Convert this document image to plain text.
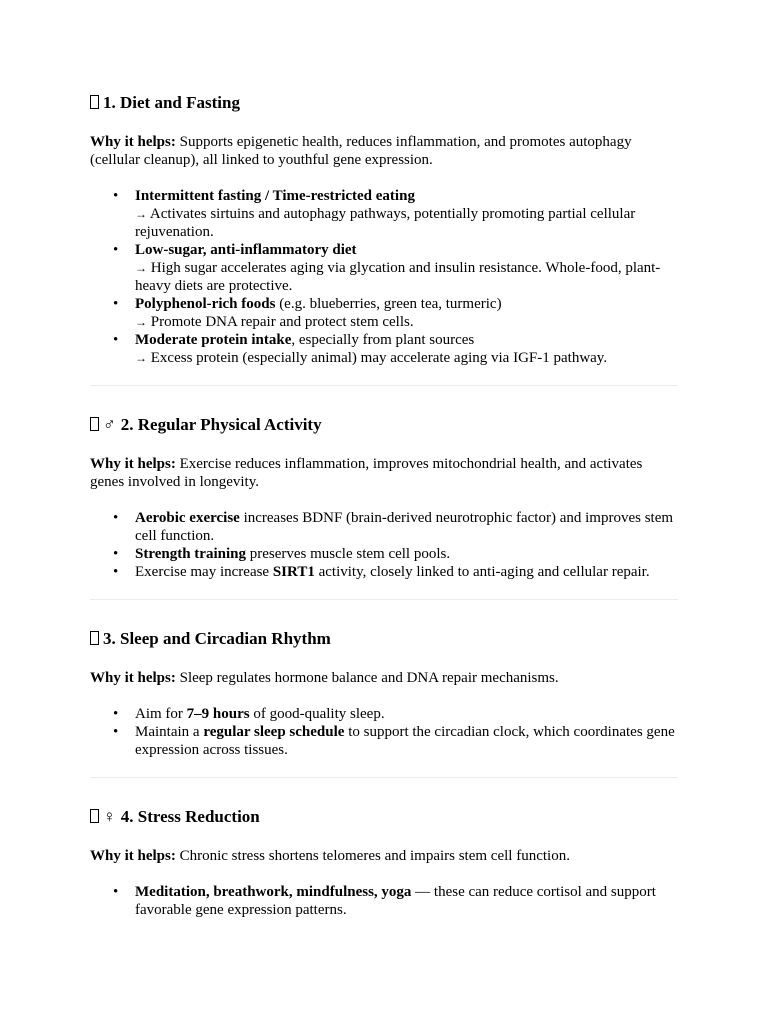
1. Diet and Fasting

Why it helps: Supports epigenetic health, reduces inflammation, and promotes autophagy (cellular cleanup), all linked to youthful gene expression.

• Intermittent fasting / Time-restricted eating
→ Activates sirtuins and autophagy pathways, potentially promoting partial cellular rejuvenation.
• Low-sugar, anti-inflammatory diet
→ High sugar accelerates aging via glycation and insulin resistance. Whole-food, plant-heavy diets are protective.
• Polyphenol-rich foods (e.g. blueberries, green tea, turmeric)
→ Promote DNA repair and protect stem cells.
• Moderate protein intake, especially from plant sources
→ Excess protein (especially animal) may accelerate aging via IGF-1 pathway.
♂ 2. Regular Physical Activity

Why it helps: Exercise reduces inflammation, improves mitochondrial health, and activates genes involved in longevity.

• Aerobic exercise increases BDNF (brain-derived neurotrophic factor) and improves stem cell function.
• Strength training preserves muscle stem cell pools.
• Exercise may increase SIRT1 activity, closely linked to anti-aging and cellular repair.
3. Sleep and Circadian Rhythm

Why it helps: Sleep regulates hormone balance and DNA repair mechanisms.

• Aim for 7–9 hours of good-quality sleep.
• Maintain a regular sleep schedule to support the circadian clock, which coordinates gene expression across tissues.
♀ 4. Stress Reduction

Why it helps: Chronic stress shortens telomeres and impairs stem cell function.

• Meditation, breathwork, mindfulness, yoga — these can reduce cortisol and support favorable gene expression patterns.
